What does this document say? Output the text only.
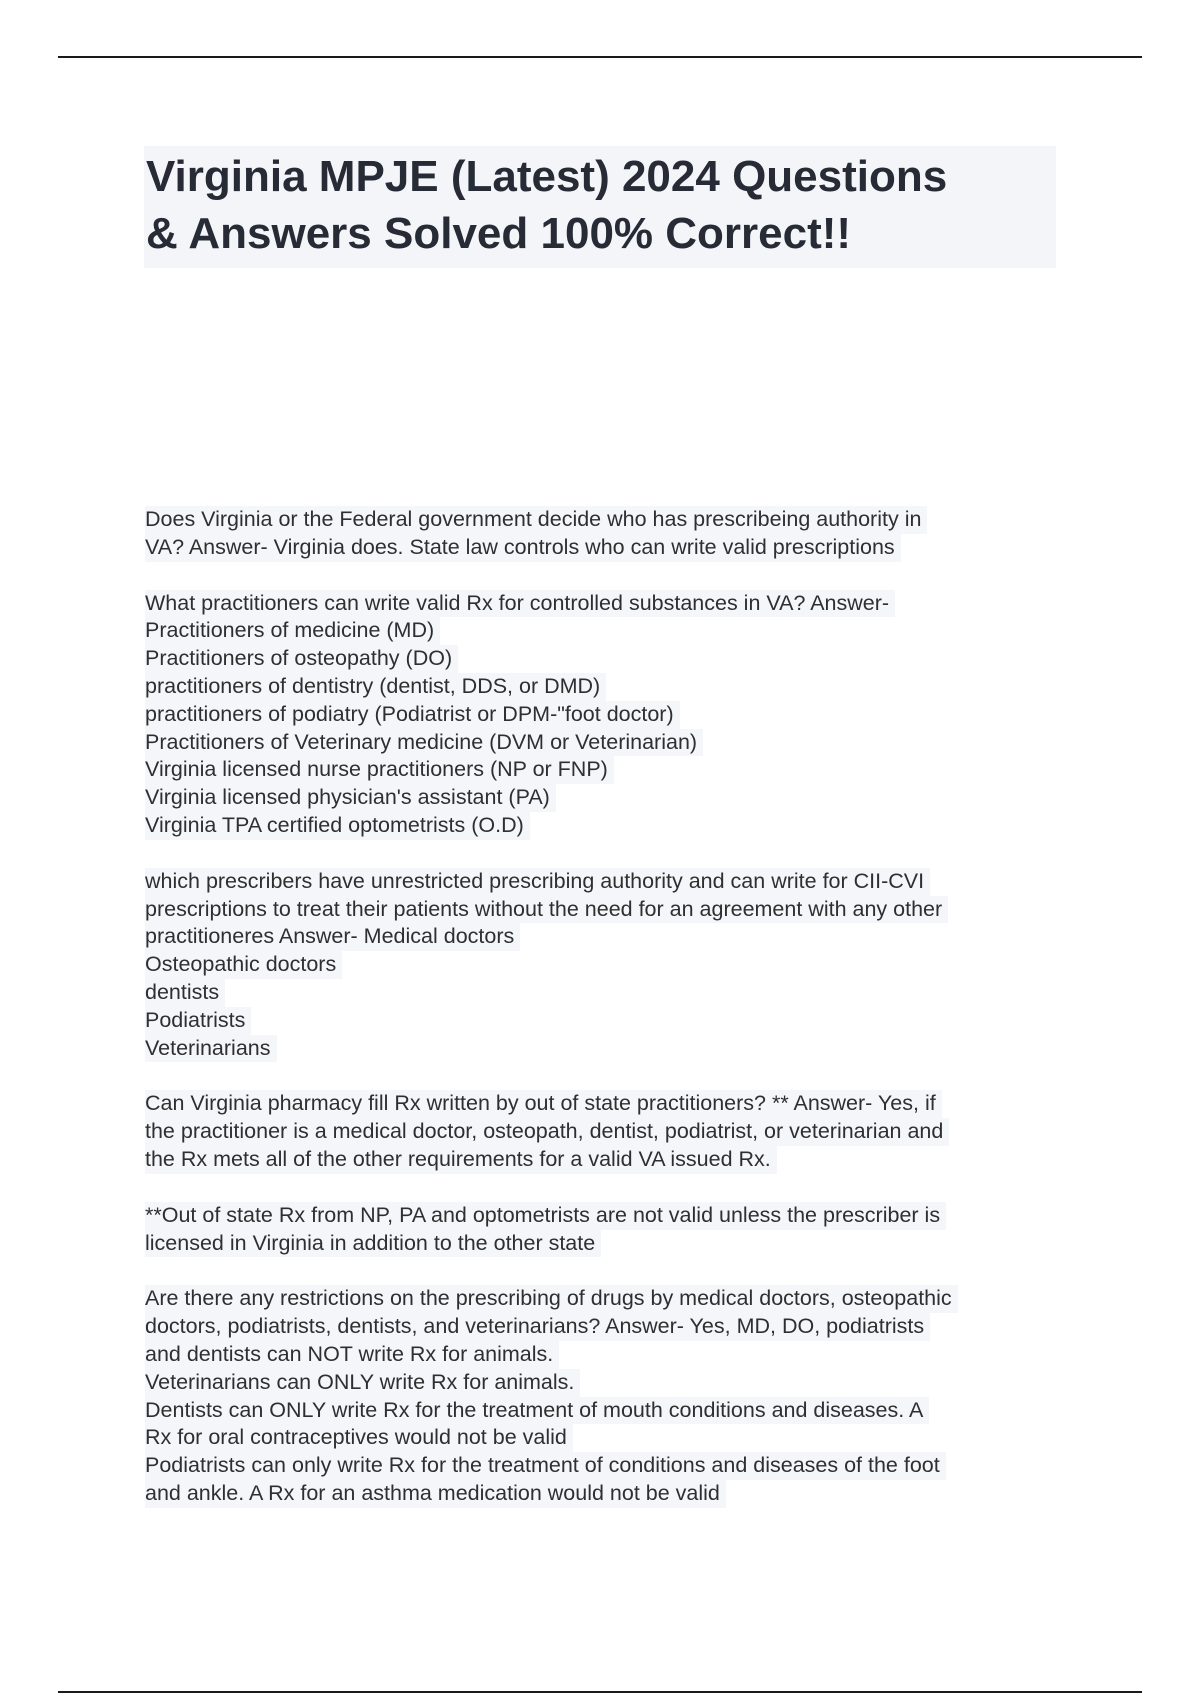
Virginia MPJE (Latest) 2024 Questions
& Answers Solved 100% Correct!!
Does Virginia or the Federal government decide who has prescribeing authority in
VA? Answer- Virginia does. State law controls who can write valid prescriptions
What practitioners can write valid Rx for controlled substances in VA? Answer-
Practitioners of medicine (MD)
Practitioners of osteopathy (DO)
practitioners of dentistry (dentist, DDS, or DMD)
practitioners of podiatry (Podiatrist or DPM-"foot doctor)
Practitioners of Veterinary medicine (DVM or Veterinarian)
Virginia licensed nurse practitioners (NP or FNP)
Virginia licensed physician's assistant (PA)
Virginia TPA certified optometrists (O.D)
which prescribers have unrestricted prescribing authority and can write for CII-CVI
prescriptions to treat their patients without the need for an agreement with any other
practitioneres Answer- Medical doctors
Osteopathic doctors
dentists
Podiatrists
Veterinarians
Can Virginia pharmacy fill Rx written by out of state practitioners? ** Answer- Yes, if
the practitioner is a medical doctor, osteopath, dentist, podiatrist, or veterinarian and
the Rx mets all of the other requirements for a valid VA issued Rx.
**Out of state Rx from NP, PA and optometrists are not valid unless the prescriber is
licensed in Virginia in addition to the other state
Are there any restrictions on the prescribing of drugs by medical doctors, osteopathic
doctors, podiatrists, dentists, and veterinarians? Answer- Yes, MD, DO, podiatrists
and dentists can NOT write Rx for animals.
Veterinarians can ONLY write Rx for animals.
Dentists can ONLY write Rx for the treatment of mouth conditions and diseases. A
Rx for oral contraceptives would not be valid
Podiatrists can only write Rx for the treatment of conditions and diseases of the foot
and ankle. A Rx for an asthma medication would not be valid
